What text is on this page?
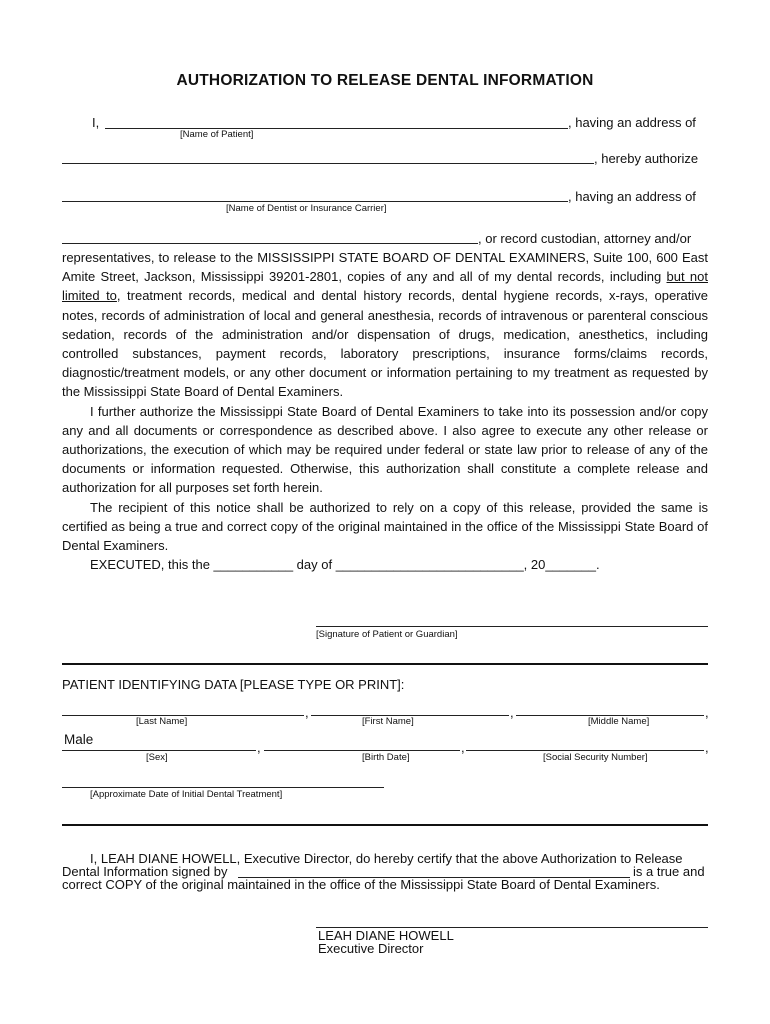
AUTHORIZATION TO RELEASE DENTAL INFORMATION
I,	, having an address of
[Name of Patient]
, hereby authorize
, having an address of
[Name of Dentist or Insurance Carrier]
, or record custodian, attorney and/or

representatives, to release to the MISSISSIPPI STATE BOARD OF DENTAL EXAMINERS, Suite 100, 600 East Amite Street, Jackson, Mississippi 39201-2801, copies of any and all of my dental records, including but not limited to, treatment records, medical and dental history records, dental hygiene records, x-rays, operative notes, records of administration of local and general anesthesia, records of intravenous or parenteral conscious sedation, records of the administration and/or dispensation of drugs, medication, anesthetics, including controlled substances, payment records, laboratory prescriptions, insurance forms/claims records, diagnostic/treatment models, or any other document or information pertaining to my treatment as requested by the Mississippi State Board of Dental Examiners.

I further authorize the Mississippi State Board of Dental Examiners to take into its possession and/or copy any and all documents or correspondence as described above. I also agree to execute any other release or authorizations, the execution of which may be required under federal or state law prior to release of any of the documents or information requested. Otherwise, this authorization shall constitute a complete release and authorization for all purposes set forth herein.

The recipient of this notice shall be authorized to rely on a copy of this release, provided the same is certified as being a true and correct copy of the original maintained in the office of the Mississippi State Board of Dental Examiners.

EXECUTED, this the ___________ day of __________________________, 20_______.

[Signature of Patient or Guardian]
PATIENT IDENTIFYING DATA [PLEASE TYPE OR PRINT]:
,	,	,
[Last Name]	[First Name]	[Middle Name]
Male
,	,	,
[Sex]	[Birth Date]	[Social Security Number]
[Approximate Date of Initial Dental Treatment]
I, LEAH DIANE HOWELL, Executive Director, do hereby certify that the above Authorization to Release
Dental Information signed by	is a true and
correct COPY of the original maintained in the office of the Mississippi State Board of Dental Examiners.
LEAH DIANE HOWELL
Executive Director
